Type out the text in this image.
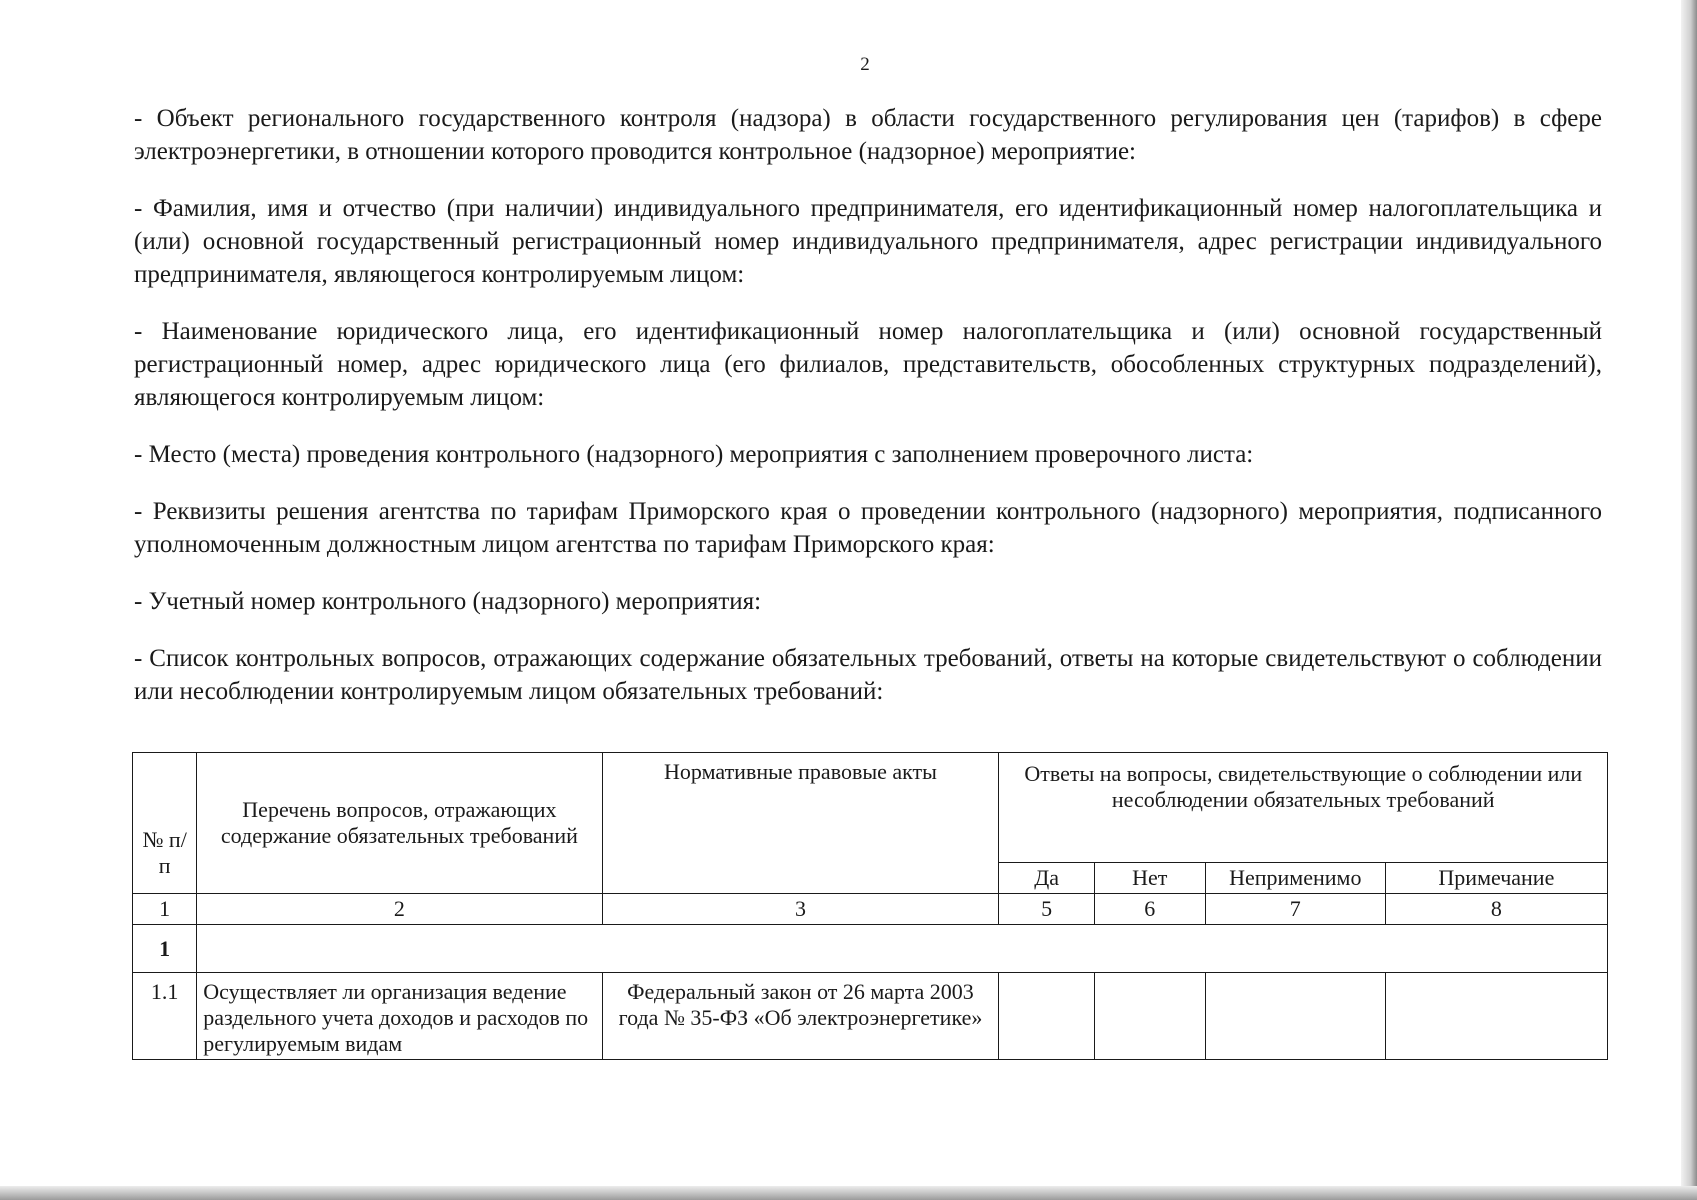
2

- Объект регионального государственного контроля (надзора) в области государственного регулирования цен (тарифов) в сфере электроэнергетики, в отношении которого проводится контрольное (надзорное) мероприятие:

- Фамилия, имя и отчество (при наличии) индивидуального предпринимателя, его идентификационный номер налогоплательщика и (или) основной государственный регистрационный номер индивидуального предпринимателя, адрес регистрации индивидуального предпринимателя, являющегося контролируемым лицом:

- Наименование юридического лица, его идентификационный номер налогоплательщика и (или) основной государственный регистрационный номер, адрес юридического лица (его филиалов, представительств, обособленных структурных подразделений), являющегося контролируемым лицом:

- Место (места) проведения контрольного (надзорного) мероприятия с заполнением проверочного листа:

- Реквизиты решения агентства по тарифам Приморского края о проведении контрольного (надзорного) мероприятия, подписанного уполномоченным должностным лицом агентства по тарифам Приморского края:

- Учетный номер контрольного (надзорного) мероприятия:

- Список контрольных вопросов, отражающих содержание обязательных требований, ответы на которые свидетельствуют о соблюдении или несоблюдении контролируемым лицом обязательных требований:

№ п/п	Перечень вопросов, отражающих содержание обязательных требований	Нормативные правовые акты	Ответы на вопросы, свидетельствующие о соблюдении или несоблюдении обязательных требований			
			Да	Нет	Неприменимо	Примечание
1	2	3	5	6	7	8
1						
1.1	Осуществляет ли организация ведение раздельного учета доходов и расходов по регулируемым видам	Федеральный закон от 26 марта 2003 года № 35-ФЗ «Об электроэнергетике»				
